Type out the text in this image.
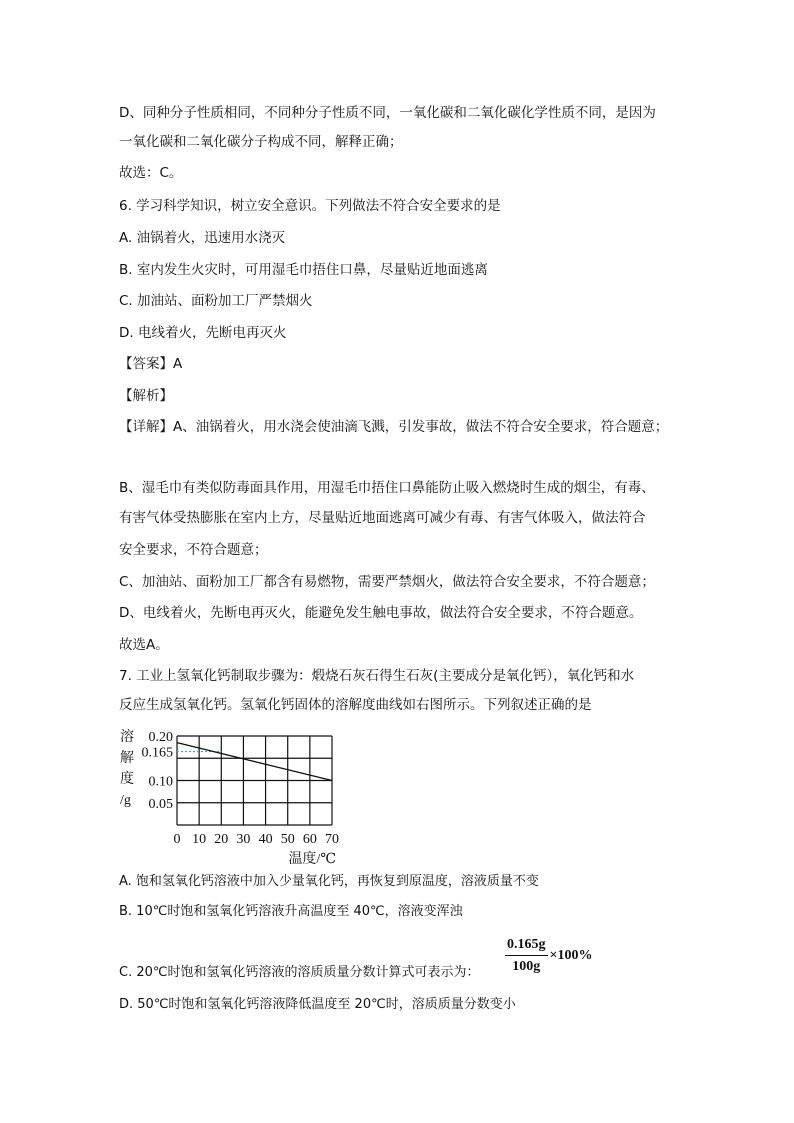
D、同种分子性质相同，不同种分子性质不同，一氧化碳和二氧化碳化学性质不同，是因为
一氧化碳和二氧化碳分子构成不同，解释正确；
故选：C。
6. 学习科学知识，树立安全意识。下列做法不符合安全要求的是
A. 油锅着火，迅速用水浇灭
B. 室内发生火灾时，可用湿毛巾捂住口鼻，尽量贴近地面逃离
C. 加油站、面粉加工厂严禁烟火
D. 电线着火，先断电再灭火
【答案】A
【解析】
【详解】A、油锅着火，用水浇会使油滴飞溅，引发事故，做法不符合安全要求，符合题意；
B、湿毛巾有类似防毒面具作用，用湿毛巾捂住口鼻能防止吸入燃烧时生成的烟尘，有毒、
有害气体受热膨胀在室内上方，尽量贴近地面逃离可减少有毒、有害气体吸入，做法符合
安全要求，不符合题意；
C、加油站、面粉加工厂都含有易燃物，需要严禁烟火，做法符合安全要求，不符合题意；
D、电线着火，先断电再灭火，能避免发生触电事故，做法符合安全要求，不符合题意。
故选A。
7. 工业上氢氧化钙制取步骤为：煅烧石灰石得生石灰(主要成分是氧化钙），氧化钙和水
反应生成氢氧化钙。氢氧化钙固体的溶解度曲线如右图所示。下列叙述正确的是
A. 饱和氢氧化钙溶液中加入少量氧化钙，再恢复到原温度，溶液质量不变
B. 10℃时饱和氢氧化钙溶液升高温度至 40℃，溶液变浑浊
C. 20℃时饱和氢氧化钙溶液的溶质质量分数计算式可表示为：
D. 50℃时饱和氢氧化钙溶液降低温度至 20℃时，溶质质量分数变小
0 10 20 30 40 50 60 70
0.20
0.165
0.10
0.05
溶
解
度
/g
温度/℃
$\frac{0.165g}{100g} \times 100\%$
